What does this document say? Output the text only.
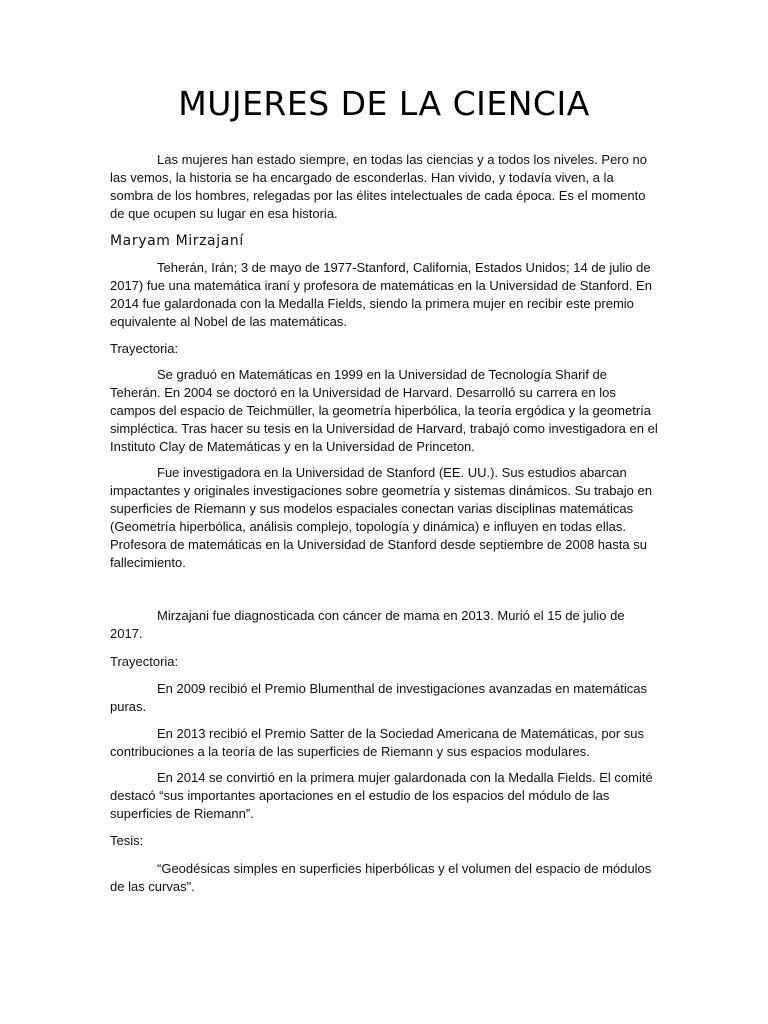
MUJERES DE LA CIENCIA

Las mujeres han estado siempre, en todas las ciencias y a todos los niveles. Pero no las vemos, la historia se ha encargado de esconderlas. Han vivido, y todavía viven, a la sombra de los hombres, relegadas por las élites intelectuales de cada época. Es el momento de que ocupen su lugar en esa historia.

Maryam Mirzajaní

Teherán, Irán; 3 de mayo de 1977-Stanford, California, Estados Unidos; 14 de julio de 2017) fue una matemática iraní y profesora de matemáticas en la Universidad de Stanford. En 2014 fue galardonada con la Medalla Fields, siendo la primera mujer en recibir este premio equivalente al Nobel de las matemáticas.

Trayectoria:

Se graduó en Matemáticas en 1999 en la Universidad de Tecnología Sharif de Teherán. En 2004 se doctoró en la Universidad de Harvard. Desarrolló su carrera en los campos del espacio de Teichmüller, la geometría hiperbólica, la teoría ergódica y la geometría simpléctica. Tras hacer su tesis en la Universidad de Harvard, trabajó como investigadora en el Instituto Clay de Matemáticas y en la Universidad de Princeton.

Fue investigadora en la Universidad de Stanford (EE. UU.). Sus estudios abarcan impactantes y originales investigaciones sobre geometría y sistemas dinámicos. Su trabajo en superficies de Riemann y sus modelos espaciales conectan varias disciplinas matemáticas (Geometría hiperbólica, análisis complejo, topología y dinámica) e influyen en todas ellas. Profesora de matemáticas en la Universidad de Stanford desde septiembre de 2008 hasta su fallecimiento.

Mirzajani fue diagnosticada con cáncer de mama en 2013. Murió el 15 de julio de 2017.

Trayectoria:

En 2009 recibió el Premio Blumenthal de investigaciones avanzadas en matemáticas puras.

En 2013 recibió el Premio Satter de la Sociedad Americana de Matemáticas, por sus contribuciones a la teoría de las superficies de Riemann y sus espacios modulares.

En 2014 se convirtió en la primera mujer galardonada con la Medalla Fields. El comité destacó “sus importantes aportaciones en el estudio de los espacios del módulo de las superficies de Riemann”.

Tesis:

“Geodésicas simples en superficies hiperbólicas y el volumen del espacio de módulos de las curvas".
